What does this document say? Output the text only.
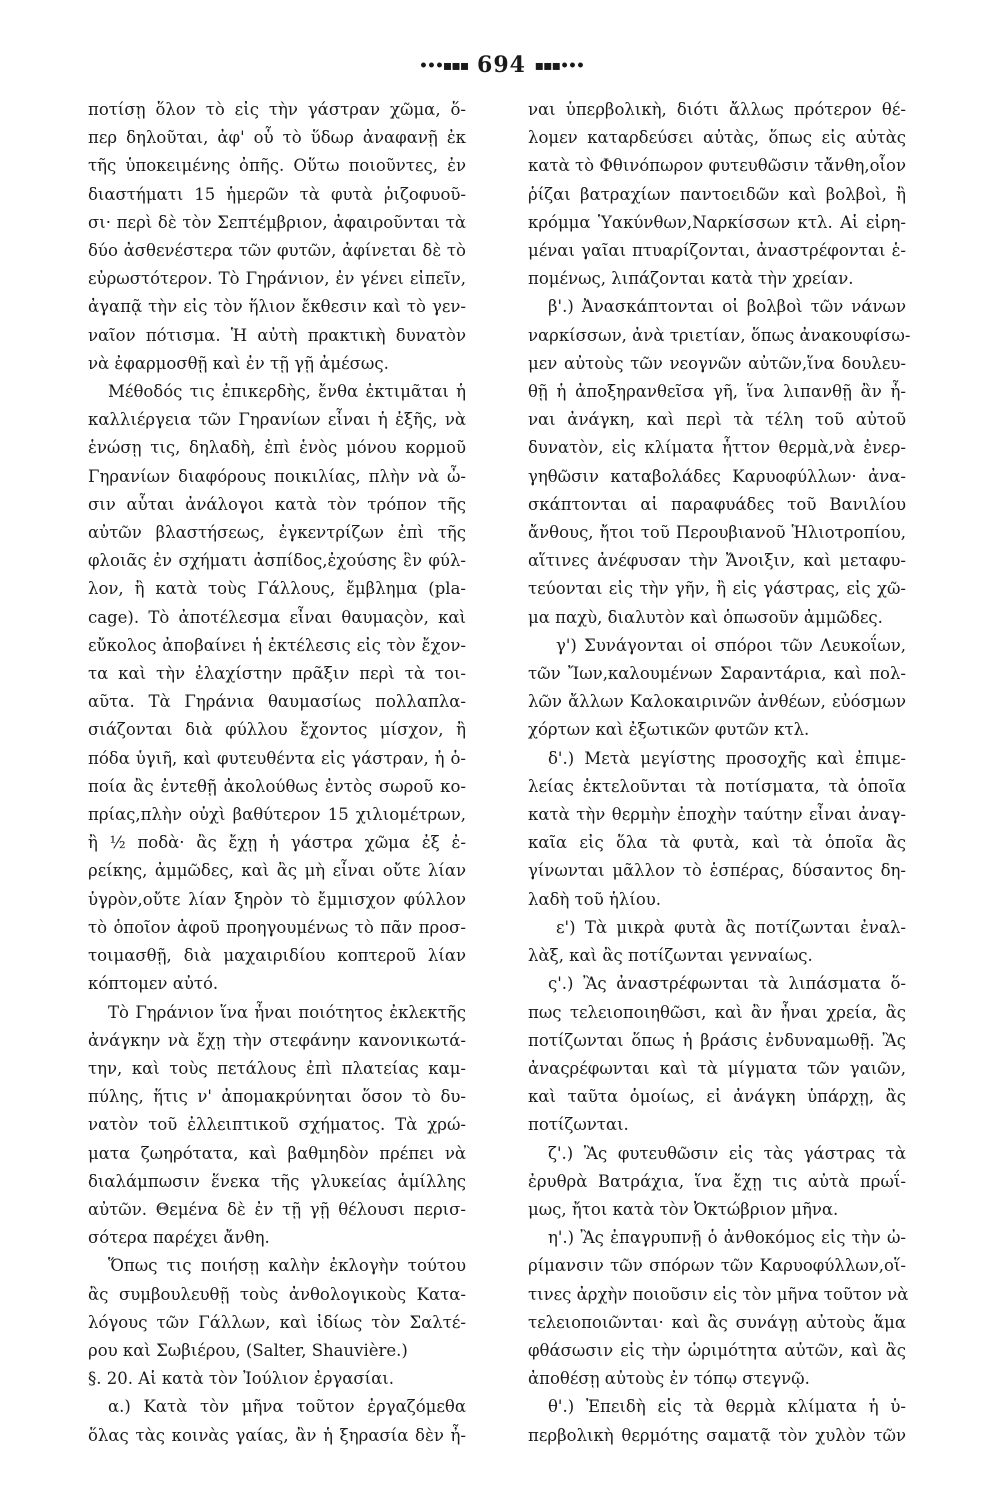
•••▪▪▪ 694 ▪▪▪•••
ποτίσῃ ὅλον τὸ εἰς τὴν γάστραν χῶμα, ὅ-
περ δηλοῦται, ἀφ' οὗ τὸ ὕδωρ ἀναφανῇ ἐκ
τῆς ὑποκειμένης ὀπῆς. Οὕτω ποιοῦντες, ἐν
διαστήματι 15 ἡμερῶν τὰ φυτὰ ῥιζοφυοῦ-
σι· περὶ δὲ τὸν Σεπτέμβριον, ἀφαιροῦνται τὰ
δύο ἀσθενέστερα τῶν φυτῶν, ἀφίνεται δὲ τὸ
εὐρωστότερον. Τὸ Γηράνιον, ἐν γένει εἰπεῖν,
ἀγαπᾷ τὴν εἰς τὸν ἥλιον ἔκθεσιν καὶ τὸ γεν-
ναῖον πότισμα. Ἡ αὐτὴ πρακτικὴ δυνατὸν
νὰ ἐφαρμοσθῇ καὶ ἐν τῇ γῇ ἀμέσως.
Μέθοδός τις ἐπικερδὴς, ἔνθα ἐκτιμᾶται ἡ
καλλιέργεια τῶν Γηρανίων εἶναι ἡ ἑξῆς, νὰ
ἑνώσῃ τις, δηλαδὴ, ἐπὶ ἑνὸς μόνου κορμοῦ
Γηρανίων διαφόρους ποικιλίας, πλὴν νὰ ὦ-
σιν αὗται ἀνάλογοι κατὰ τὸν τρόπον τῆς
αὐτῶν βλαστήσεως, ἐγκεντρίζων ἐπὶ τῆς
φλοιᾶς ἐν σχήματι ἀσπίδος,ἐχούσης ἓν φύλ-
λον, ἢ κατὰ τοὺς Γάλλους, ἔμβλημα (pla-
cage). Τὸ ἀποτέλεσμα εἶναι θαυμαςὸν, καὶ
εὔκολος ἀποβαίνει ἡ ἐκτέλεσις εἰς τὸν ἔχον-
τα καὶ τὴν ἐλαχίστην πρᾶξιν περὶ τὰ τοι-
αῦτα. Τὰ Γηράνια θαυμασίως πολλαπλα-
σιάζονται διὰ φύλλου ἔχοντος μίσχον, ἢ
πόδα ὑγιῆ, καὶ φυτευθέντα εἰς γάστραν, ἡ ὁ-
ποία ἂς ἐντεθῇ ἀκολούθως ἐντὸς σωροῦ κο-
πρίας,πλὴν οὐχὶ βαθύτερον 15 χιλιομέτρων,
ἢ ½ ποδὰ· ἂς ἔχῃ ἡ γάστρα χῶμα ἐξ ἐ-
ρείκης, ἀμμῶδες, καὶ ἂς μὴ εἶναι οὔτε λίαν
ὑγρὸν,οὔτε λίαν ξηρὸν τὸ ἔμμισχον φύλλον
τὸ ὁποῖον ἀφοῦ προηγουμένως τὸ πᾶν προσ-
τοιμασθῇ, διὰ μαχαιριδίου κοπτεροῦ λίαν
κόπτομεν αὐτό.
Τὸ Γηράνιον ἵνα ἦναι ποιότητος ἐκλεκτῆς
ἀνάγκην νὰ ἔχῃ τὴν στεφάνην κανονικωτά-
την, καὶ τοὺς πετάλους ἐπὶ πλατείας καμ-
πύλης, ἥτις ν' ἀπομακρύνηται ὅσον τὸ δυ-
νατὸν τοῦ ἐλλειπτικοῦ σχήματος. Τὰ χρώ-
ματα ζωηρότατα, καὶ βαθμηδὸν πρέπει νὰ
διαλάμπωσιν ἕνεκα τῆς γλυκείας ἁμίλλης
αὐτῶν. Θεμένα δὲ ἐν τῇ γῇ θέλουσι περισ-
σότερα παρέχει ἄνθη.
Ὅπως τις ποιήσῃ καλὴν ἐκλογὴν τούτου
ἂς συμβουλευθῇ τοὺς ἀνθολογικοὺς Κατα-
λόγους τῶν Γάλλων, καὶ ἰδίως τὸν Σαλτέ-
ρου καὶ Σωβιέρου, (Salter, Shauvière.)
§. 20. Αἱ κατὰ τὸν Ἰούλιον ἐργασίαι.
α.) Κατὰ τὸν μῆνα τοῦτον ἐργαζόμεθα
ὅλας τὰς κοινὰς γαίας, ἂν ἡ ξηρασία δὲν ἦ-
ναι ὑπερβολικὴ, διότι ἄλλως πρότερον θέ-
λομεν καταρδεύσει αὐτὰς, ὅπως εἰς αὐτὰς
κατὰ τὸ Φθινόπωρον φυτευθῶσιν τἄνθη,οἷον
ῥίζαι βατραχίων παντοειδῶν καὶ βολβοὶ, ἢ
κρόμμα Ὑακύνθων,Ναρκίσσων κτλ. Αἱ εἰρη-
μέναι γαῖαι πτυαρίζονται, ἀναστρέφονται ἑ-
πομένως, λιπάζονται κατὰ τὴν χρείαν.
β'.) Ἀνασκάπτονται οἱ βολβοὶ τῶν νάνων
ναρκίσσων, ἀνὰ τριετίαν, ὅπως ἀνακουφίσω-
μεν αὐτοὺς τῶν νεογνῶν αὐτῶν,ἵνα δουλευ-
θῇ ἡ ἀποξηρανθεῖσα γῆ, ἵνα λιπανθῇ ἂν ἦ-
ναι ἀνάγκη, καὶ περὶ τὰ τέλη τοῦ αὐτοῦ
δυνατὸν, εἰς κλίματα ἧττον θερμὰ,νὰ ἐνερ-
γηθῶσιν καταβολάδες Καρυοφύλλων· ἀνα-
σκάπτονται αἱ παραφυάδες τοῦ Βανιλίου
ἄνθους, ἤτοι τοῦ Περουβιανοῦ Ἡλιοτροπίου,
αἵτινες ἀνέφυσαν τὴν Ἄνοιξιν, καὶ μεταφυ-
τεύονται εἰς τὴν γῆν, ἢ εἰς γάστρας, εἰς χῶ-
μα παχὺ, διαλυτὸν καὶ ὁπωσοῦν ἀμμῶδες.
γ') Συνάγονται οἱ σπόροι τῶν Λευκοΐων,
τῶν Ἴων,καλουμένων Σαραντάρια, καὶ πολ-
λῶν ἄλλων Καλοκαιρινῶν ἀνθέων, εὐόσμων
χόρτων καὶ ἐξωτικῶν φυτῶν κτλ.
δ'.) Μετὰ μεγίστης προσοχῆς καὶ ἐπιμε-
λείας ἐκτελοῦνται τὰ ποτίσματα, τὰ ὁποῖα
κατὰ τὴν θερμὴν ἐποχὴν ταύτην εἶναι ἀναγ-
καῖα εἰς ὅλα τὰ φυτὰ, καὶ τὰ ὁποῖα ἂς
γίνωνται μᾶλλον τὸ ἑσπέρας, δύσαντος δη-
λαδὴ τοῦ ἡλίου.
ε') Τὰ μικρὰ φυτὰ ἂς ποτίζωνται ἐναλ-
λὰξ, καὶ ἂς ποτίζωνται γενναίως.
ς'.) Ἂς ἀναστρέφωνται τὰ λιπάσματα ὅ-
πως τελειοποιηθῶσι, καὶ ἂν ἦναι χρεία, ἂς
ποτίζωνται ὅπως ἡ βράσις ἐνδυναμωθῇ. Ἂς
ἀναςρέφωνται καὶ τὰ μίγματα τῶν γαιῶν,
καὶ ταῦτα ὁμοίως, εἰ ἀνάγκη ὑπάρχῃ, ἂς
ποτίζωνται.
ζ'.) Ἂς φυτευθῶσιν εἰς τὰς γάστρας τὰ
ἐρυθρὰ Βατράχια, ἵνα ἔχῃ τις αὐτὰ πρωΐ-
μως, ἤτοι κατὰ τὸν Ὀκτώβριον μῆνα.
η'.) Ἂς ἐπαγρυπνῇ ὁ ἀνθοκόμος εἰς τὴν ὠ-
ρίμανσιν τῶν σπόρων τῶν Καρυοφύλλων,οἵ-
τινες ἀρχὴν ποιοῦσιν εἰς τὸν μῆνα τοῦτον νὰ
τελειοποιῶνται· καὶ ἂς συνάγῃ αὐτοὺς ἅμα
φθάσωσιν εἰς τὴν ὡριμότητα αὐτῶν, καὶ ἂς
ἀποθέσῃ αὐτοὺς ἐν τόπῳ στεγνῷ.
θ'.) Ἐπειδὴ εἰς τὰ θερμὰ κλίματα ἡ ὑ-
περβολικὴ θερμότης σαματᾷ τὸν χυλὸν τῶν
